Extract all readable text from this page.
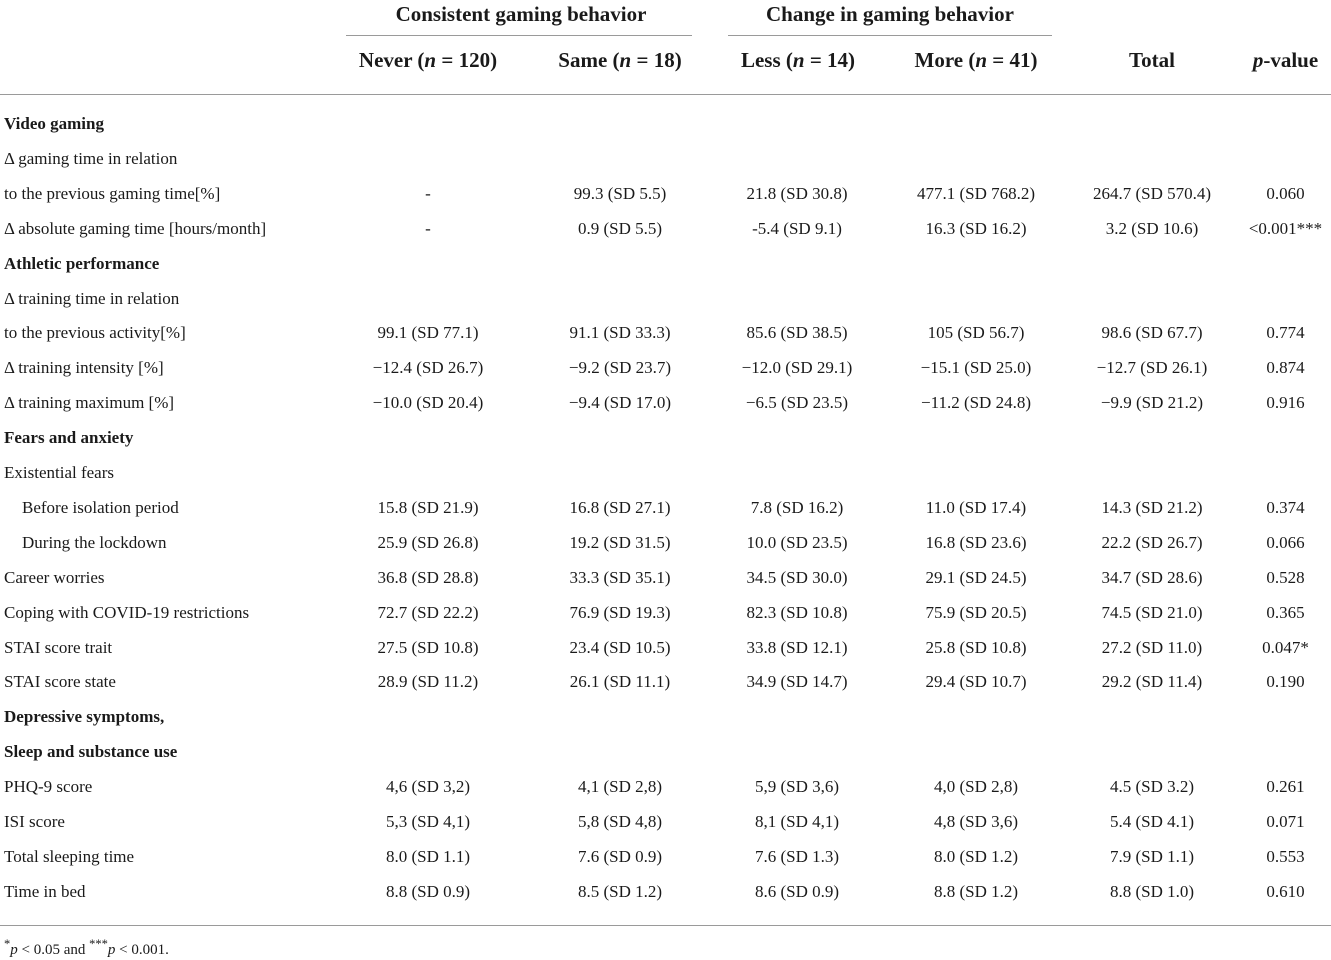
Consistent gaming behavior	Change in gaming behavior
Never (n = 120)	Same (n = 18)	Less (n = 14)	More (n = 41)	Total	p-value
Video gaming
Δ gaming time in relation
to the previous gaming time[%]	-	99.3 (SD 5.5)	21.8 (SD 30.8)	477.1 (SD 768.2)	264.7 (SD 570.4)	0.060
Δ absolute gaming time [hours/month]	-	0.9 (SD 5.5)	-5.4 (SD 9.1)	16.3 (SD 16.2)	3.2 (SD 10.6)	<0.001***
Athletic performance
Δ training time in relation
to the previous activity[%]	99.1 (SD 77.1)	91.1 (SD 33.3)	85.6 (SD 38.5)	105 (SD 56.7)	98.6 (SD 67.7)	0.774
Δ training intensity [%]	−12.4 (SD 26.7)	−9.2 (SD 23.7)	−12.0 (SD 29.1)	−15.1 (SD 25.0)	−12.7 (SD 26.1)	0.874
Δ training maximum [%]	−10.0 (SD 20.4)	−9.4 (SD 17.0)	−6.5 (SD 23.5)	−11.2 (SD 24.8)	−9.9 (SD 21.2)	0.916
Fears and anxiety
Existential fears
Before isolation period	15.8 (SD 21.9)	16.8 (SD 27.1)	7.8 (SD 16.2)	11.0 (SD 17.4)	14.3 (SD 21.2)	0.374
During the lockdown	25.9 (SD 26.8)	19.2 (SD 31.5)	10.0 (SD 23.5)	16.8 (SD 23.6)	22.2 (SD 26.7)	0.066
Career worries	36.8 (SD 28.8)	33.3 (SD 35.1)	34.5 (SD 30.0)	29.1 (SD 24.5)	34.7 (SD 28.6)	0.528
Coping with COVID-19 restrictions	72.7 (SD 22.2)	76.9 (SD 19.3)	82.3 (SD 10.8)	75.9 (SD 20.5)	74.5 (SD 21.0)	0.365
STAI score trait	27.5 (SD 10.8)	23.4 (SD 10.5)	33.8 (SD 12.1)	25.8 (SD 10.8)	27.2 (SD 11.0)	0.047*
STAI score state	28.9 (SD 11.2)	26.1 (SD 11.1)	34.9 (SD 14.7)	29.4 (SD 10.7)	29.2 (SD 11.4)	0.190
Depressive symptoms,
Sleep and substance use
PHQ-9 score	4,6 (SD 3,2)	4,1 (SD 2,8)	5,9 (SD 3,6)	4,0 (SD 2,8)	4.5 (SD 3.2)	0.261
ISI score	5,3 (SD 4,1)	5,8 (SD 4,8)	8,1 (SD 4,1)	4,8 (SD 3,6)	5.4 (SD 4.1)	0.071
Total sleeping time	8.0 (SD 1.1)	7.6 (SD 0.9)	7.6 (SD 1.3)	8.0 (SD 1.2)	7.9 (SD 1.1)	0.553
Time in bed	8.8 (SD 0.9)	8.5 (SD 1.2)	8.6 (SD 0.9)	8.8 (SD 1.2)	8.8 (SD 1.0)	0.610
*p < 0.05 and ***p < 0.001.
